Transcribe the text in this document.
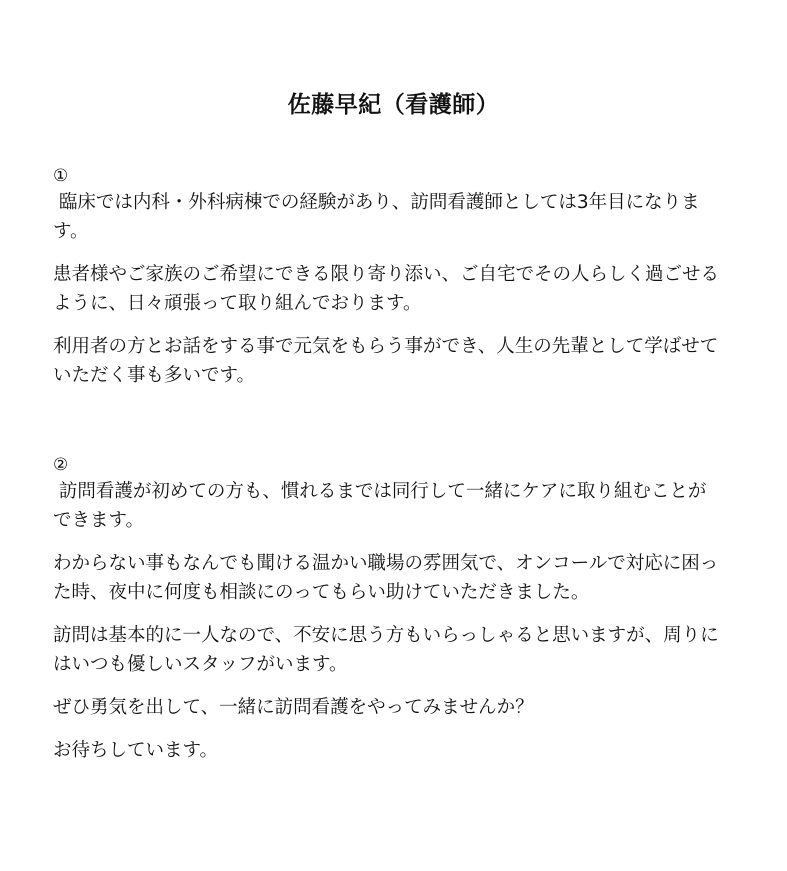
佐藤早紀（看護師）
①

臨床では内科・外科病棟での経験があり、訪問看護師としては3年目になります。

患者様やご家族のご希望にできる限り寄り添い、ご自宅でその人らしく過ごせるように、日々頑張って取り組んでおります。

利用者の方とお話をする事で元気をもらう事ができ、人生の先輩として学ばせていただく事も多いです。

②

訪問看護が初めての方も、慣れるまでは同行して一緒にケアに取り組むことができます。

わからない事もなんでも聞ける温かい職場の雰囲気で、オンコールで対応に困った時、夜中に何度も相談にのってもらい助けていただきました。

訪問は基本的に一人なので、不安に思う方もいらっしゃると思いますが、周りにはいつも優しいスタッフがいます。

ぜひ勇気を出して、一緒に訪問看護をやってみませんか？

お待ちしています。
